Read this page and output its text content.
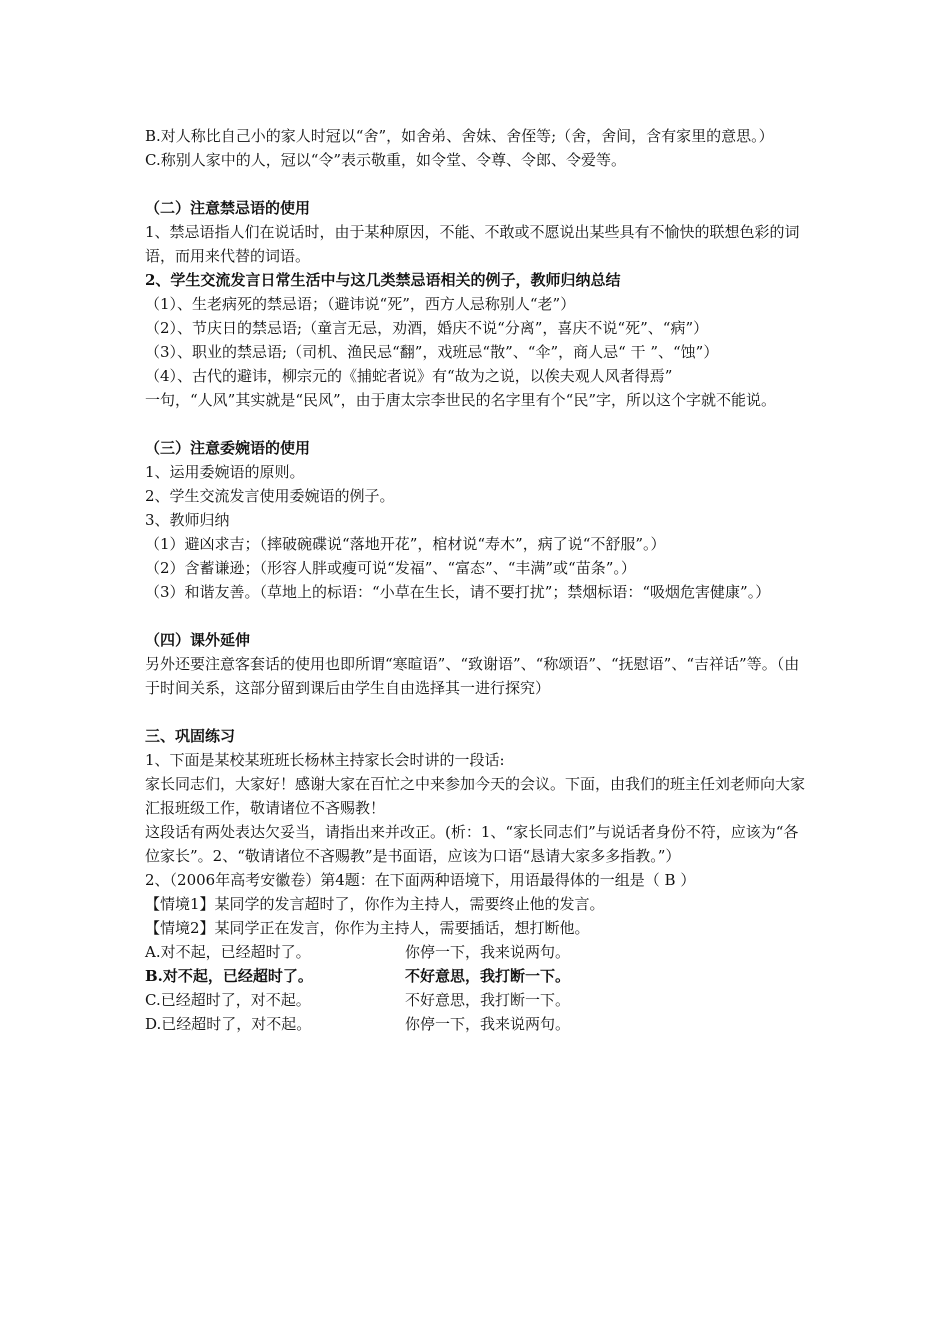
B.对人称比自己小的家人时冠以“舍”，如舍弟、舍妹、舍侄等;（舍，舍间，含有家里的意思。）

C.称别人家中的人，冠以“令”表示敬重，如令堂、令尊、令郎、令爱等。

（二）注意禁忌语的使用

1、禁忌语指人们在说话时，由于某种原因，不能、不敢或不愿说出某些具有不愉快的联想色彩的词语，而用来代替的词语。

2、学生交流发言日常生活中与这几类禁忌语相关的例子，教师归纳总结

（1）、生老病死的禁忌语；（避讳说“死”，西方人忌称别人“老”）

（2）、节庆日的禁忌语;（童言无忌，劝酒，婚庆不说“分离”，喜庆不说“死”、“病”）

（3）、职业的禁忌语;（司机、渔民忌“翻”，戏班忌“散”、“伞”，商人忌“ 干 ”、“蚀”）

（4）、古代的避讳，柳宗元的《捕蛇者说》有“故为之说，以俟夫观人风者得焉”

一句，“人风”其实就是“民风”，由于唐太宗李世民的名字里有个“民”字，所以这个字就不能说。

（三）注意委婉语的使用

1、运用委婉语的原则。

2、学生交流发言使用委婉语的例子。

3、教师归纳

（1）避凶求吉；（摔破碗碟说“落地开花”，棺材说“寿木”，病了说“不舒服”。）

（2）含蓄谦逊；（形容人胖或瘦可说“发福”、“富态”、“丰满”或“苗条”。）

（3）和谐友善。（草地上的标语：“小草在生长，请不要打扰”；禁烟标语：“吸烟危害健康”。）

（四）课外延伸

另外还要注意客套话的使用也即所谓“寒暄语”、“致谢语”、“称颂语”、“抚慰语”、“吉祥话”等。（由于时间关系，这部分留到课后由学生自由选择其一进行探究）

三、巩固练习

1、下面是某校某班班长杨林主持家长会时讲的一段话:

家长同志们，大家好！感谢大家在百忙之中来参加今天的会议。下面，由我们的班主任刘老师向大家汇报班级工作，敬请诸位不吝赐教！

这段话有两处表达欠妥当，请指出来并改正。(析：1、“家长同志们”与说话者身份不符，应该为“各位家长”。2、“敬请诸位不吝赐教”是书面语，应该为口语“恳请大家多多指教。”）

2、（2006年高考安徽卷）第4题：在下面两种语境下，用语最得体的一组是（ B ）

【情境1】某同学的发言超时了，你作为主持人，需要终止他的发言。

【情境2】某同学正在发言，你作为主持人，需要插话，想打断他。

A.对不起，已经超时了。	你停一下，我来说两句。
B.对不起，已经超时了。	不好意思，我打断一下。
C.已经超时了，对不起。	不好意思，我打断一下。
D.已经超时了，对不起。	你停一下，我来说两句。
